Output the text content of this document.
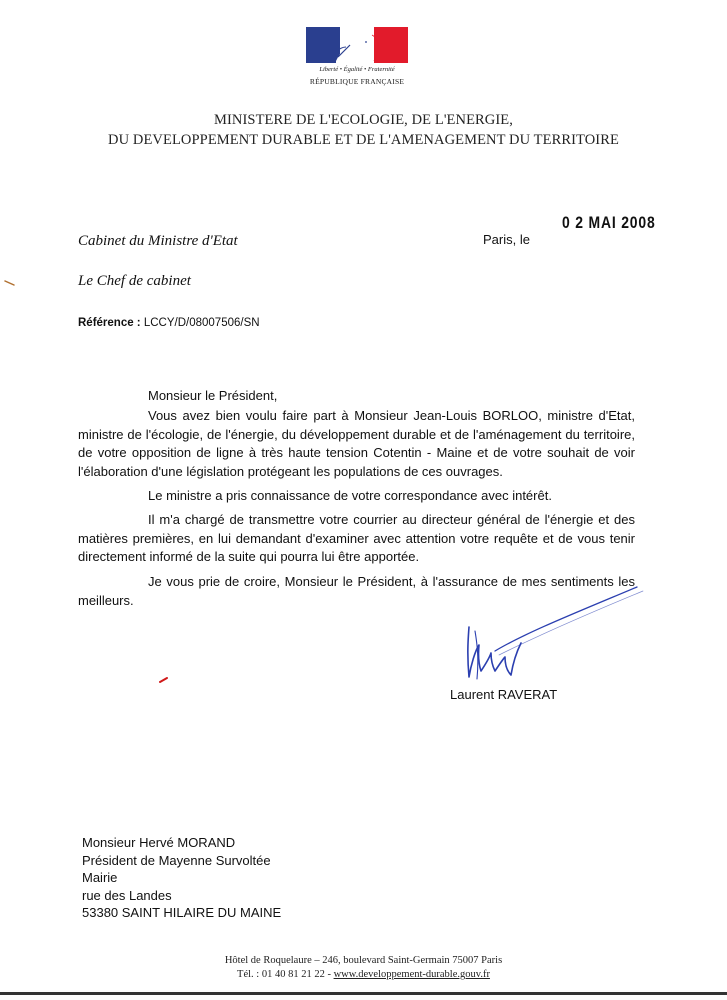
Liberté • Égalité • Fraternité
RÉPUBLIQUE FRANÇAISE
MINISTERE DE L'ECOLOGIE, DE L'ENERGIE,
DU DEVELOPPEMENT DURABLE ET DE L'AMENAGEMENT DU TERRITOIRE
0 2 MAI 2008
Paris, le
Cabinet du Ministre d'Etat
Le Chef de cabinet
Référence : LCCY/D/08007506/SN
Monsieur le Président,
Vous avez bien voulu faire part à Monsieur Jean-Louis BORLOO, ministre d'Etat, ministre de l'écologie, de l'énergie, du développement durable et de l'aménagement du territoire, de votre opposition de ligne à très haute tension Cotentin - Maine et de votre souhait de voir l'élaboration d'une législation protégeant les populations de ces ouvrages.
Le ministre a pris connaissance de votre correspondance avec intérêt.
Il m'a chargé de transmettre votre courrier au directeur général de l'énergie et des matières premières, en lui demandant d'examiner avec attention votre requête et de vous tenir directement informé de la suite qui pourra lui être apportée.
Je vous prie de croire, Monsieur le Président, à l'assurance de mes sentiments les meilleurs.
Laurent RAVERAT
Monsieur Hervé MORAND
Président de Mayenne Survoltée
Mairie
rue des Landes
53380 SAINT HILAIRE DU MAINE
Hôtel de Roquelaure – 246, boulevard Saint-Germain 75007 Paris
Tél. : 01 40 81 21 22 - www.developpement-durable.gouv.fr
